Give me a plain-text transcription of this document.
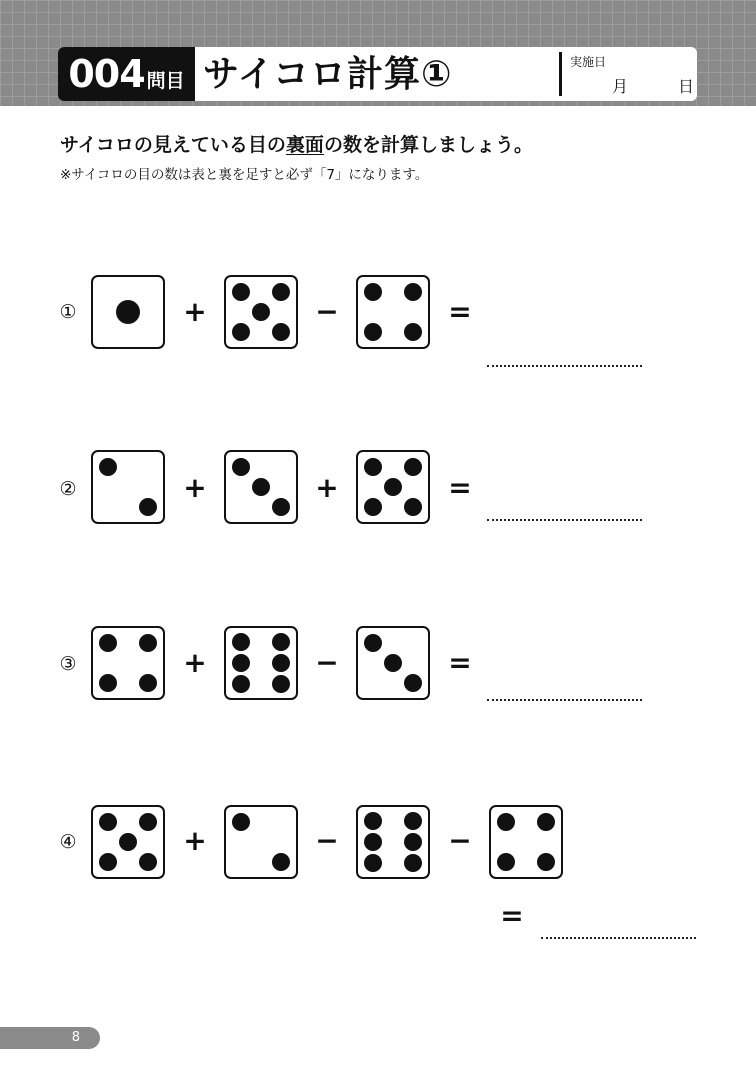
004 問目 サイコロ計算①	実施日
月	日
サイコロの見えている目の裏面の数を計算しましょう。
※サイコロの目の数は表と裏を足すと必ず「7」になります。
①	+	−	=
②	+	+	=
③	+	−	=
④	+	−	−
=
8
